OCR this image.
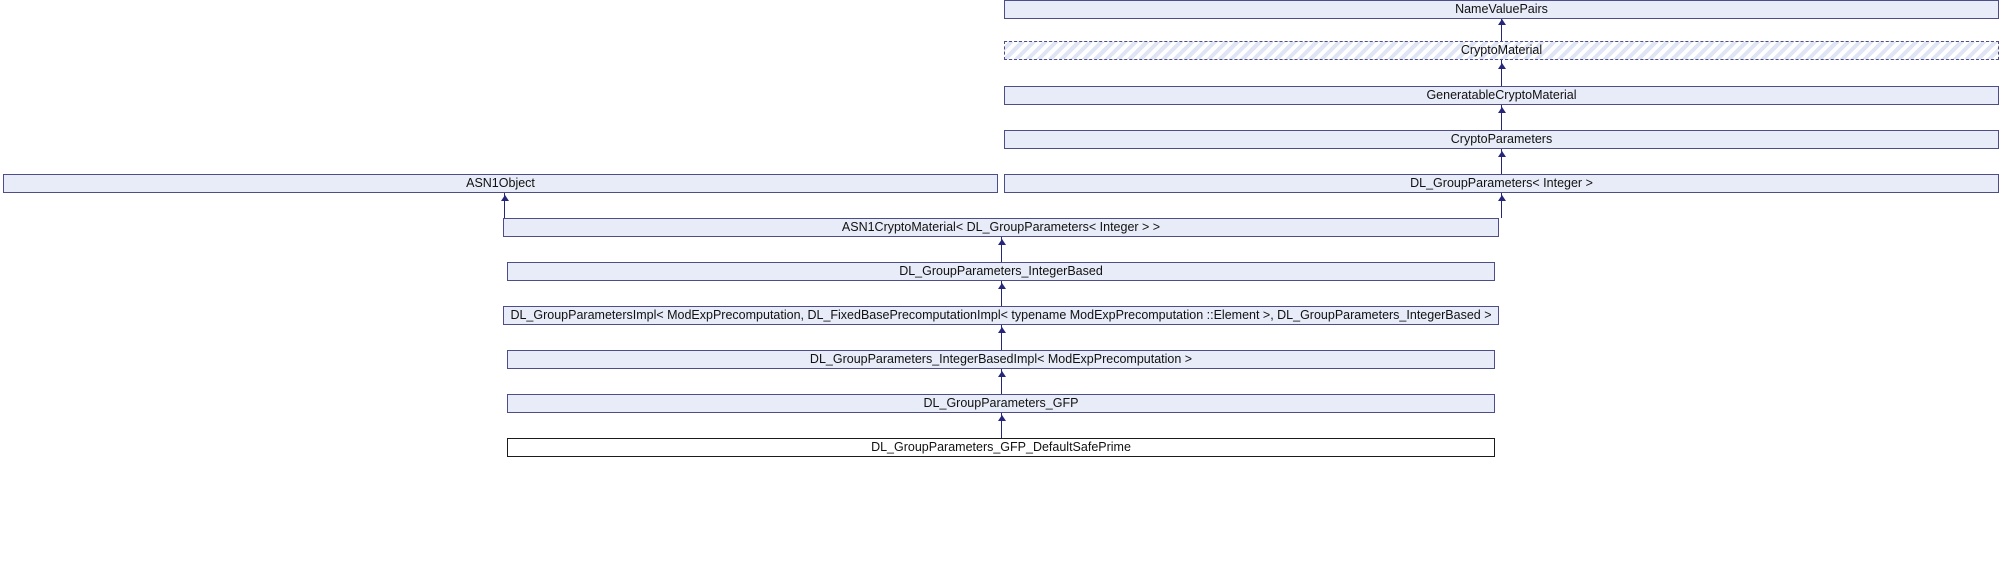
NameValuePairs
CryptoMaterial
GeneratableCryptoMaterial
CryptoParameters
ASN1Object	DL_GroupParameters< Integer >
ASN1CryptoMaterial< DL_GroupParameters< Integer > >
DL_GroupParameters_IntegerBased
DL_GroupParametersImpl< ModExpPrecomputation, DL_FixedBasePrecomputationImpl< typename ModExpPrecomputation ::Element >, DL_GroupParameters_IntegerBased >
DL_GroupParameters_IntegerBasedImpl< ModExpPrecomputation >
DL_GroupParameters_GFP
DL_GroupParameters_GFP_DefaultSafePrime
